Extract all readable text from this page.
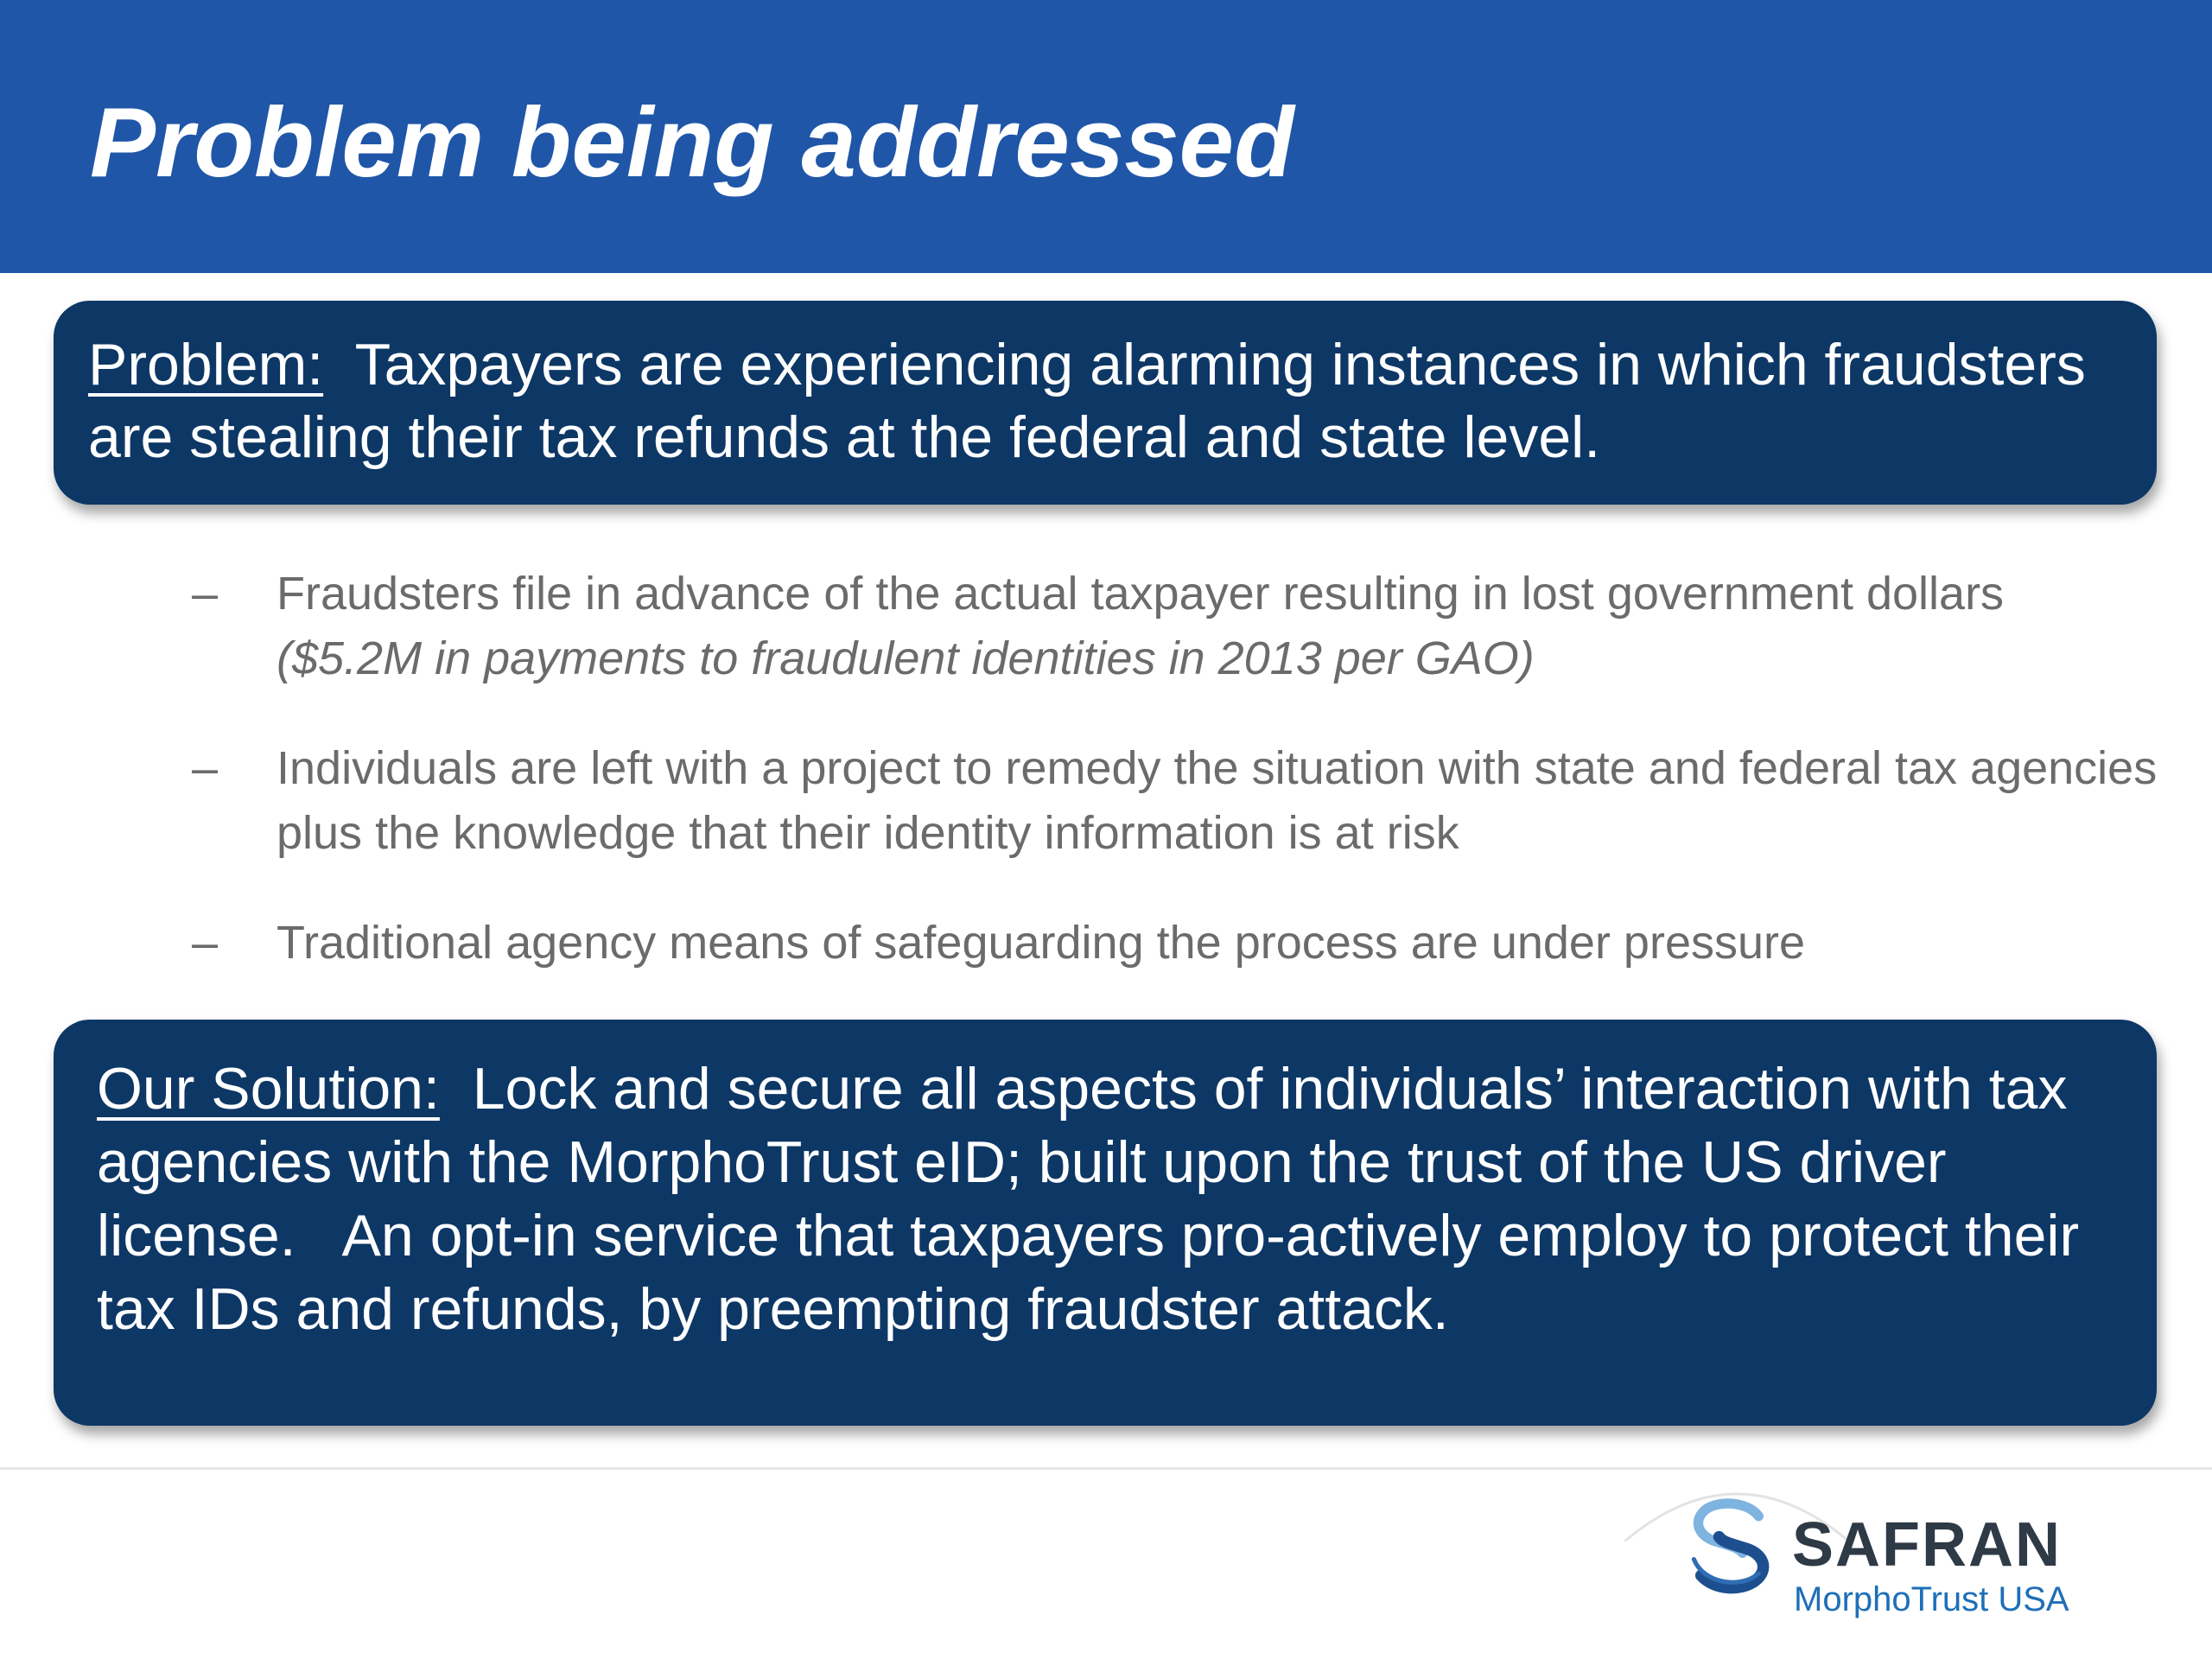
Problem being addressed

Problem: Taxpayers are experiencing alarming instances in which fraudsters are stealing their tax refunds at the federal and state level.

– Fraudsters file in advance of the actual taxpayer resulting in lost government dollars
($5.2M in payments to fraudulent identities in 2013 per GAO)
– Individuals are left with a project to remedy the situation with state and federal tax agencies plus the knowledge that their identity information is at risk
– Traditional agency means of safeguarding the process are under pressure

Our Solution: Lock and secure all aspects of individuals’ interaction with tax agencies with the MorphoTrust eID; built upon the trust of the US driver license. An opt-in service that taxpayers pro-actively employ to protect their tax IDs and refunds, by preempting fraudster attack.

SAFRAN

MorphoTrust USA
